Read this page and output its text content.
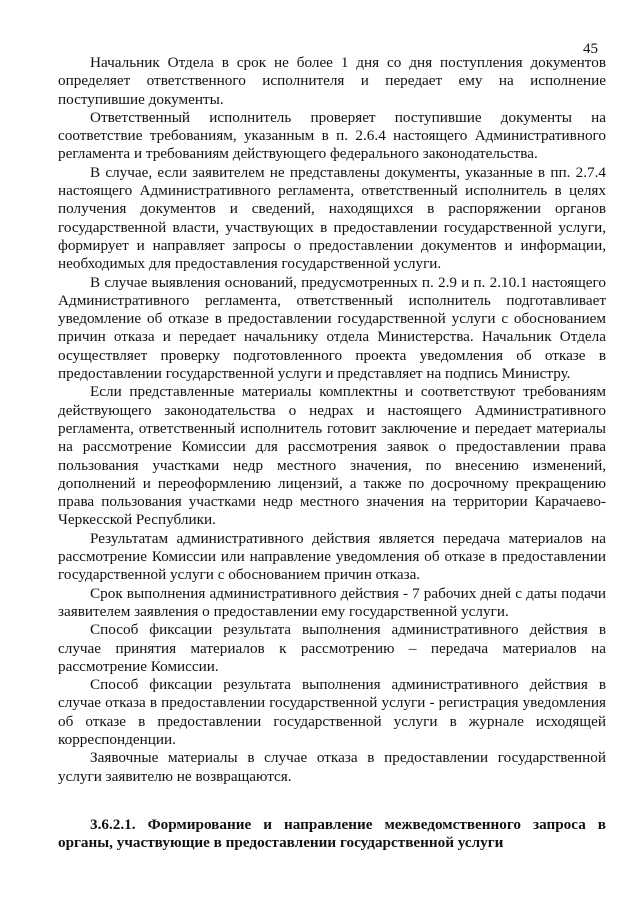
45

Начальник Отдела в срок не более 1 дня со дня поступления документов определяет ответственного исполнителя и передает ему на исполнение поступившие документы.

Ответственный исполнитель проверяет поступившие документы на соответствие требованиям, указанным в п. 2.6.4 настоящего Административного регламента и требованиям действующего федерального законодательства.

В случае, если заявителем не представлены документы, указанные в пп. 2.7.4 настоящего Административного регламента, ответственный исполнитель в целях получения документов и сведений, находящихся в распоряжении органов государственной власти, участвующих в предоставлении государственной услуги, формирует и направляет запросы о предоставлении документов и информации, необходимых для предоставления государственной услуги.

В случае выявления оснований, предусмотренных п. 2.9 и п. 2.10.1 настоящего Административного регламента, ответственный исполнитель подготавливает уведомление об отказе в предоставлении государственной услуги с обоснованием причин отказа и передает начальнику отдела Министерства. Начальник Отдела осуществляет проверку подготовленного проекта уведомления об отказе в предоставлении государственной услуги и представляет на подпись Министру.

Если представленные материалы комплектны и соответствуют требованиям действующего законодательства о недрах и настоящего Административного регламента, ответственный исполнитель готовит заключение и передает материалы на рассмотрение Комиссии для рассмотрения заявок о предоставлении права пользования участками недр местного значения, по внесению изменений, дополнений и переоформлению лицензий, а также по досрочному прекращению права пользования участками недр местного значения на территории Карачаево-Черкесской Республики.

Результатам административного действия является передача материалов на рассмотрение Комиссии или направление уведомления об отказе в предоставлении государственной услуги с обоснованием причин отказа.

Срок выполнения административного действия - 7 рабочих дней с даты подачи заявителем заявления о предоставлении ему государственной услуги.

Способ фиксации результата выполнения административного действия в случае принятия материалов к рассмотрению – передача материалов на рассмотрение Комиссии.

Способ фиксации результата выполнения административного действия в случае отказа в предоставлении государственной услуги - регистрация уведомления об отказе в предоставлении государственной услуги в журнале исходящей корреспонденции.

Заявочные материалы в случае отказа в предоставлении государственной услуги заявителю не возвращаются.

3.6.2.1. Формирование и направление межведомственного запроса в органы, участвующие в предоставлении государственной услуги
